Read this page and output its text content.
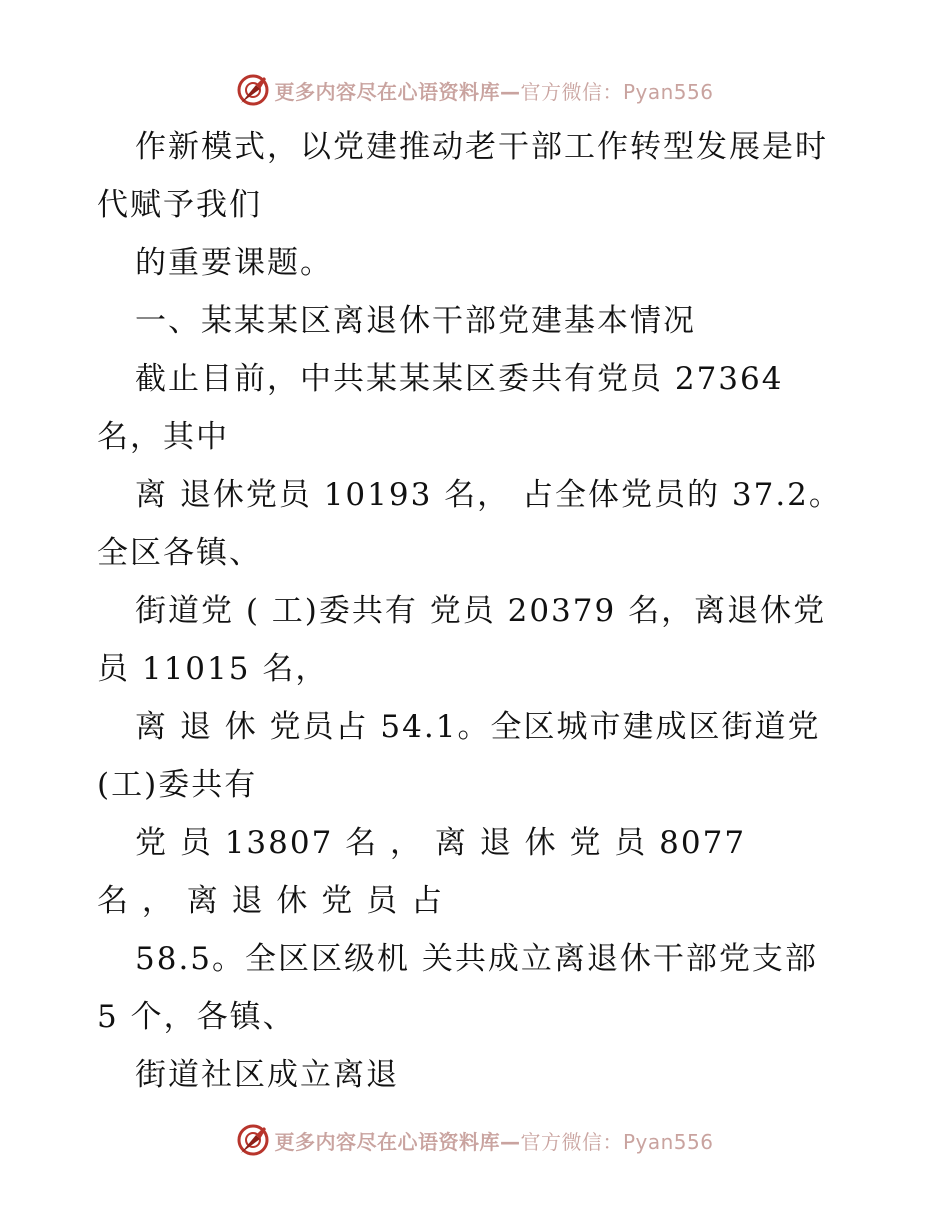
更多内容尽在心语资料库—官方微信：Pyan556
作新模式，以党建推动老干部工作转型发展是时
代赋予我们
的重要课题。
一、某某某区离退休干部党建基本情况
截止目前，中共某某某区委共有党员 27364
名，其中
离 退休党员 10193 名， 占全体党员的 37.2。
全区各镇、
街道党 ( 工)委共有 党员 20379 名，离退休党
员 11015 名，
离 退 休 党员占 54.1。全区城市建成区街道党
(工)委共有
党 员 13807 名 ， 离 退 休 党 员 8077
名 ， 离 退 休 党 员 占
58.5。全区区级机 关共成立离退休干部党支部
5 个，各镇、
街道社区成立离退
更多内容尽在心语资料库—官方微信：Pyan556
